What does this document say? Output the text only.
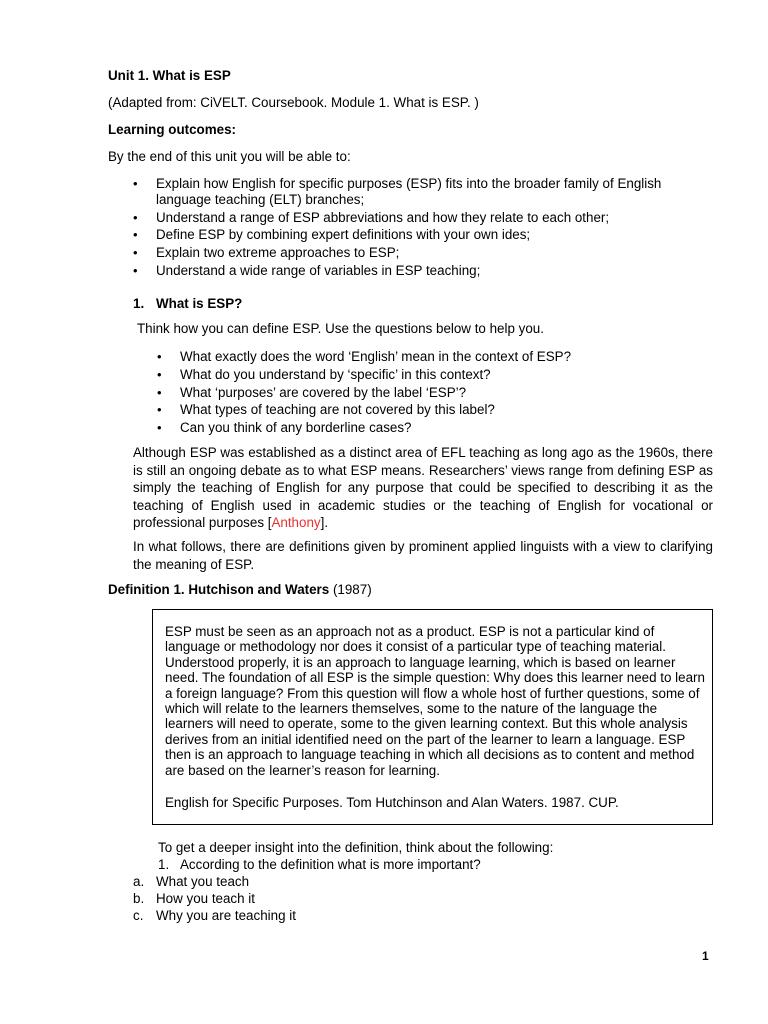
Unit 1. What is ESP
(Adapted from: CiVELT. Coursebook. Module 1. What is ESP. )
Learning outcomes:
By the end of this unit you will be able to:
• Explain how English for specific purposes (ESP) fits into the broader family of English
language teaching (ELT) branches;
• Understand a range of ESP abbreviations and how they relate to each other;
• Define ESP by combining expert definitions with your own ides;
• Explain two extreme approaches to ESP;
• Understand a wide range of variables in ESP teaching;
1. What is ESP?
Think how you can define ESP. Use the questions below to help you.
• What exactly does the word ‘English’ mean in the context of ESP?
• What do you understand by ‘specific’ in this context?
• What ‘purposes’ are covered by the label ‘ESP’?
• What types of teaching are not covered by this label?
• Can you think of any borderline cases?
Although ESP was established as a distinct area of EFL teaching as long ago as the 1960s, there is still an ongoing debate as to what ESP means. Researchers’ views range from defining ESP as simply the teaching of English for any purpose that could be specified to describing it as the teaching of English used in academic studies or the teaching of English for vocational or professional purposes [Anthony].
In what follows, there are definitions given by prominent applied linguists with a view to clarifying the meaning of ESP.
Definition 1. Hutchison and Waters (1987)
ESP must be seen as an approach not as a product. ESP is not a particular kind of language or methodology nor does it consist of a particular type of teaching material. Understood properly, it is an approach to language learning, which is based on learner need. The foundation of all ESP is the simple question: Why does this learner need to learn a foreign language? From this question will flow a whole host of further questions, some of which will relate to the learners themselves, some to the nature of the language the learners will need to operate, some to the given learning context. But this whole analysis derives from an initial identified need on the part of the learner to learn a language. ESP then is an approach to language teaching in which all decisions as to content and method are based on the learner’s reason for learning.
English for Specific Purposes. Tom Hutchinson and Alan Waters. 1987. CUP.
To get a deeper insight into the definition, think about the following:
1. According to the definition what is more important?
a. What you teach
b. How you teach it
c. Why you are teaching it
1
